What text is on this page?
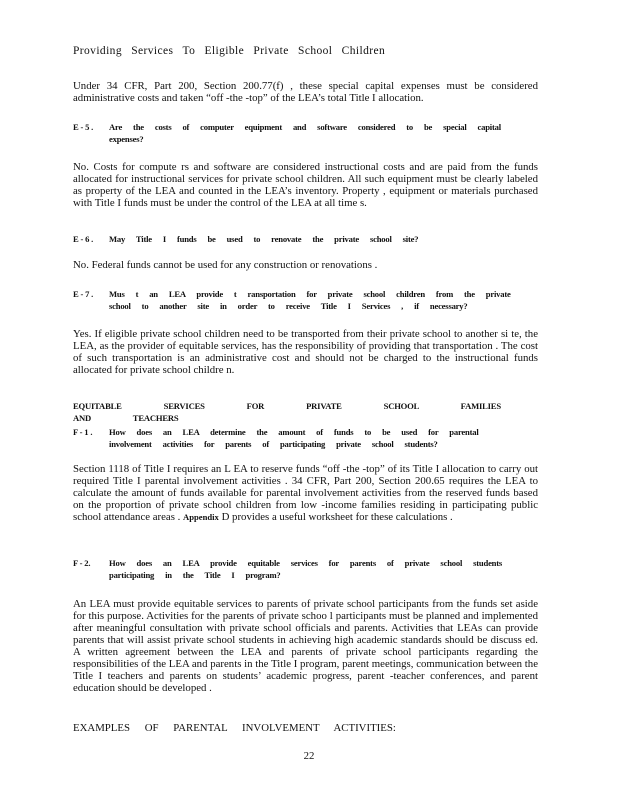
Providing Services To Eligible Private School Children

Under 34 CFR, Part 200, Section 200.77(f) , these special capital expenses must be considered administrative costs and taken “off -the -top” of the LEA’s total Title I allocation.

E - 5 .	Are the costs of computer equipment and software considered to be special capital expenses?

No. Costs for compute rs and software are considered instructional costs and are paid from the funds allocated for instructional services for private school children. All such equipment must be clearly labeled as property of the LEA and counted in the LEA’s inventory. Property , equipment or materials purchased with Title I funds must be under the control of the LEA at all time s.

E - 6 .	May Title I funds be used to renovate the private school site?

No. Federal funds cannot be used for any construction or renovations .

E - 7 .	Mus t an LEA provide t ransportation for private school children from the private school to another site in order to receive Title I Services , if necessary?

Yes. If eligible private school children need to be transported from their private school to another si te, the LEA, as the provider of equitable services, has the responsibility of providing that transportation . The cost of such transportation is an administrative cost and should not be charged to the instructional funds allocated for private school childre n.

EQUITABLE SERVICES FOR PRIVATE SCHOOL FAMILIES AND TEACHERS
F - 1 .	How does an LEA determine the amount of funds to be used for parental involvement activities for parents of participating private school students?

Section 1118 of Title I requires an L EA to reserve funds “off -the -top” of its Title I allocation to carry out required Title I parental involvement activities . 34 CFR, Part 200, Section 200.65 requires the LEA to calculate the amount of funds available for parental involvement activities from the reserved funds based on the proportion of private school children from low -income families residing in participating public school attendance areas . Appendix D provides a useful worksheet for these calculations .

F - 2.	How does an LEA provide equitable services for parents of private school students participating in the Title I program?

An LEA must provide equitable services to parents of private school participants from the funds set aside for this purpose. Activities for the parents of private schoo l participants must be planned and implemented after meaningful consultation with private school officials and parents. Activities that LEAs can provide parents that will assist private school students in achieving high academic standards should be discuss ed. A written agreement between the LEA and parents of private school participants regarding the responsibilities of the LEA and parents in the Title I program, parent meetings, communication between the Title I teachers and parents on students’ academic progress, parent -teacher conferences, and parent education should be developed .

EXAMPLES OF PARENTAL INVOLVEMENT ACTIVITIES:
22
